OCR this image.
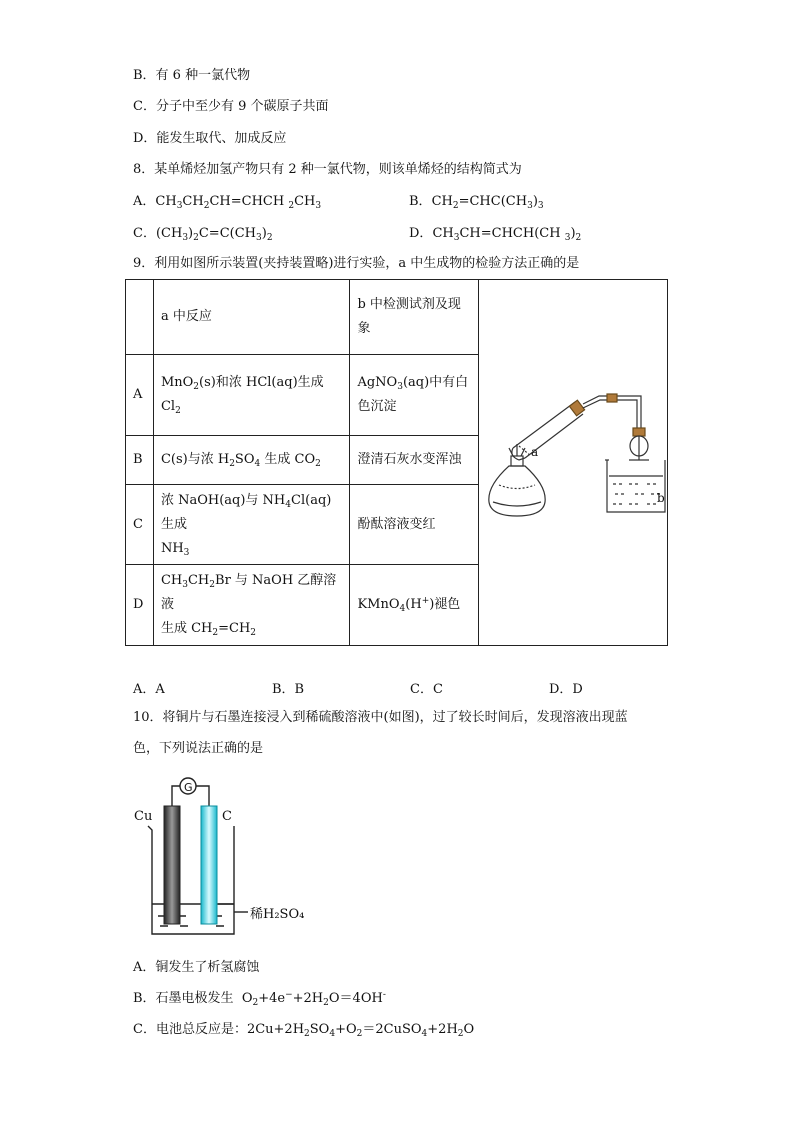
B．有 6 种一氯代物
C．分子中至少有 9 个碳原子共面
D．能发生取代、加成反应
8．某单烯烃加氢产物只有 2 种一氯代物，则该单烯烃的结构简式为
A．$CH_3CH_2CH=CHCH$ $_2CH_3$	B．$CH_2=CHC(CH_3)_3$
C．$(CH_3)_2C=C(CH_3)_2$	D．$CH_3CH=CHCH(CH$ $_3)_2$
9．利用如图所示装置(夹持装置略)进行实验，a 中生成物的检验方法正确的是
	a 中反应	b 中检测试剂及现象	a
b

A	MnO$_2$(s)和浓 HCl(aq)生成 $Cl_2$	AgNO$_3$(aq)中有白
色沉淀	
B	C(s)与浓 $H_2SO_4$ 生成 $CO_2$	澄清石灰水变浑浊	
C	浓 NaOH(aq)与 $NH_4Cl(aq)$生成
$NH_3$	酚酞溶液变红	
D	$CH_3CH_2Br$ 与 NaOH 乙醇溶液
生成 $CH_2=CH_2$	KMnO$_4$(H+)褪色	
A．A	B．B	C．C	D．D
10．将铜片与石墨连接浸入到稀硫酸溶液中(如图)，过了较长时间后，发现溶液出现蓝
色，下列说法正确的是
G
Cu	C
稀H₂SO₄
A．铜发生了析氢腐蚀
B．石墨电极发生  $O_2+4e^-+2H_2O=4OH^-$
C．电池总反应是：$2Cu+2H_2SO_4+O_2=2CuSO_4+2H_2O$
